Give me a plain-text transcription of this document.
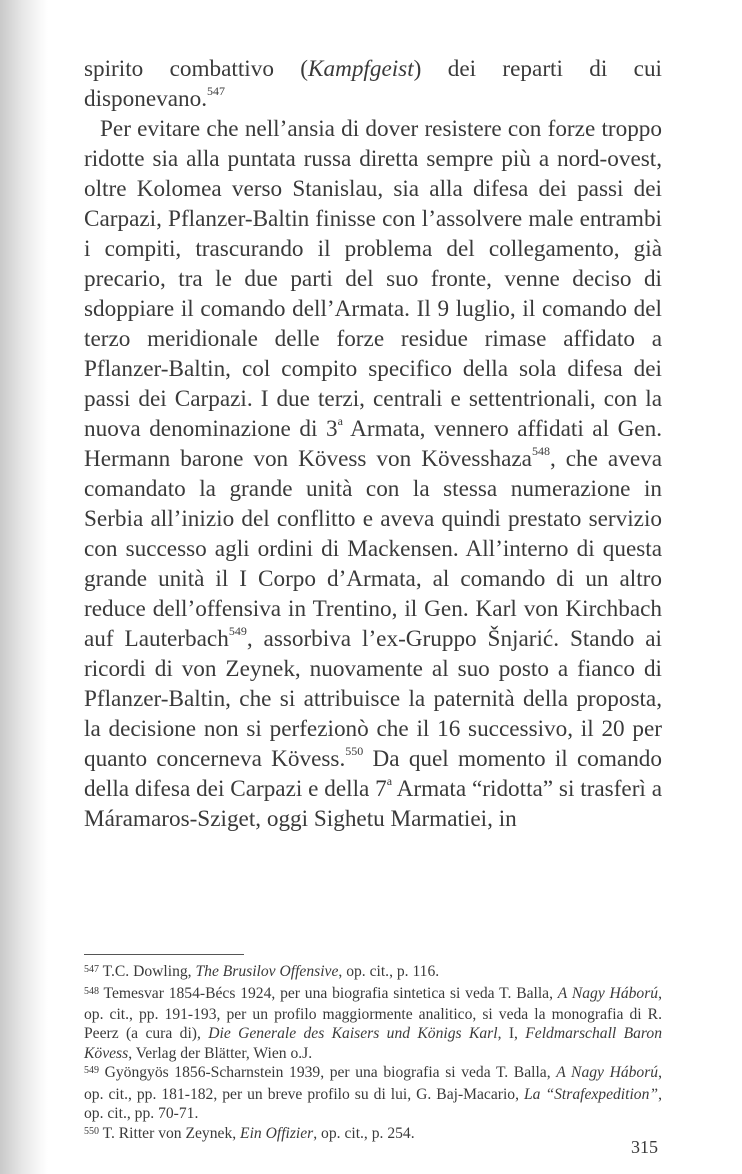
spirito combattivo (Kampfgeist) dei reparti di cui disponevano.$^{547}$

Per evitare che nell’ansia di dover resistere con forze troppo ridotte sia alla puntata russa diretta sempre più a nord-ovest, oltre Kolomea verso Stanislau, sia alla difesa dei passi dei Carpazi, Pflanzer-Baltin finisse con l’assolvere male entrambi i compiti, trascurando il problema del collegamento, già precario, tra le due parti del suo fronte, venne deciso di sdoppiare il comando dell’Armata. Il 9 luglio, il comando del terzo meridionale delle forze residue rimase affidato a Pflanzer-Baltin, col compito specifico della sola difesa dei passi dei Carpazi. I due terzi, centrali e settentrionali, con la nuova denominazione di 3$^a$ Armata, vennero affidati al Gen. Hermann barone von Kövess von Kövesshaza$^{548}$, che aveva comandato la grande unità con la stessa numerazione in Serbia all’inizio del conflitto e aveva quindi prestato servizio con successo agli ordini di Mackensen. All’interno di questa grande unità il I Corpo d’Armata, al comando di un altro reduce dell’offensiva in Trentino, il Gen. Karl von Kirchbach auf Lauterbach$^{549}$, assorbiva l’ex-Gruppo Šnjarić. Stando ai ricordi di von Zeynek, nuovamente al suo posto a fianco di Pflanzer-Baltin, che si attribuisce la paternità della proposta, la decisione non si perfezionò che il 16 successivo, il 20 per quanto concerneva Kövess.$^{550}$ Da quel momento il comando della difesa dei Carpazi e della 7$^a$ Armata “ridotta” si trasferì a Máramaros-Sziget, oggi Sighetu Marmatiei, in

$^{547}$ T.C. Dowling, The Brusilov Offensive, op. cit., p. 116.

$^{548}$ Temesvar 1854-Bécs 1924, per una biografia sintetica si veda T. Balla, A Nagy Háború, op. cit., pp. 191-193, per un profilo maggiormente analitico, si veda la monografia di R. Peerz (a cura di), Die Generale des Kaisers und Königs Karl, I, Feldmarschall Baron Kövess, Verlag der Blätter, Wien o.J.

$^{549}$ Gyöngyös 1856-Scharnstein 1939, per una biografia si veda T. Balla, A Nagy Háború, op. cit., pp. 181-182, per un breve profilo su di lui, G. Baj-Macario, La “Strafexpedition”, op. cit., pp. 70-71.

$^{550}$ T. Ritter von Zeynek, Ein Offizier, op. cit., p. 254.

315
